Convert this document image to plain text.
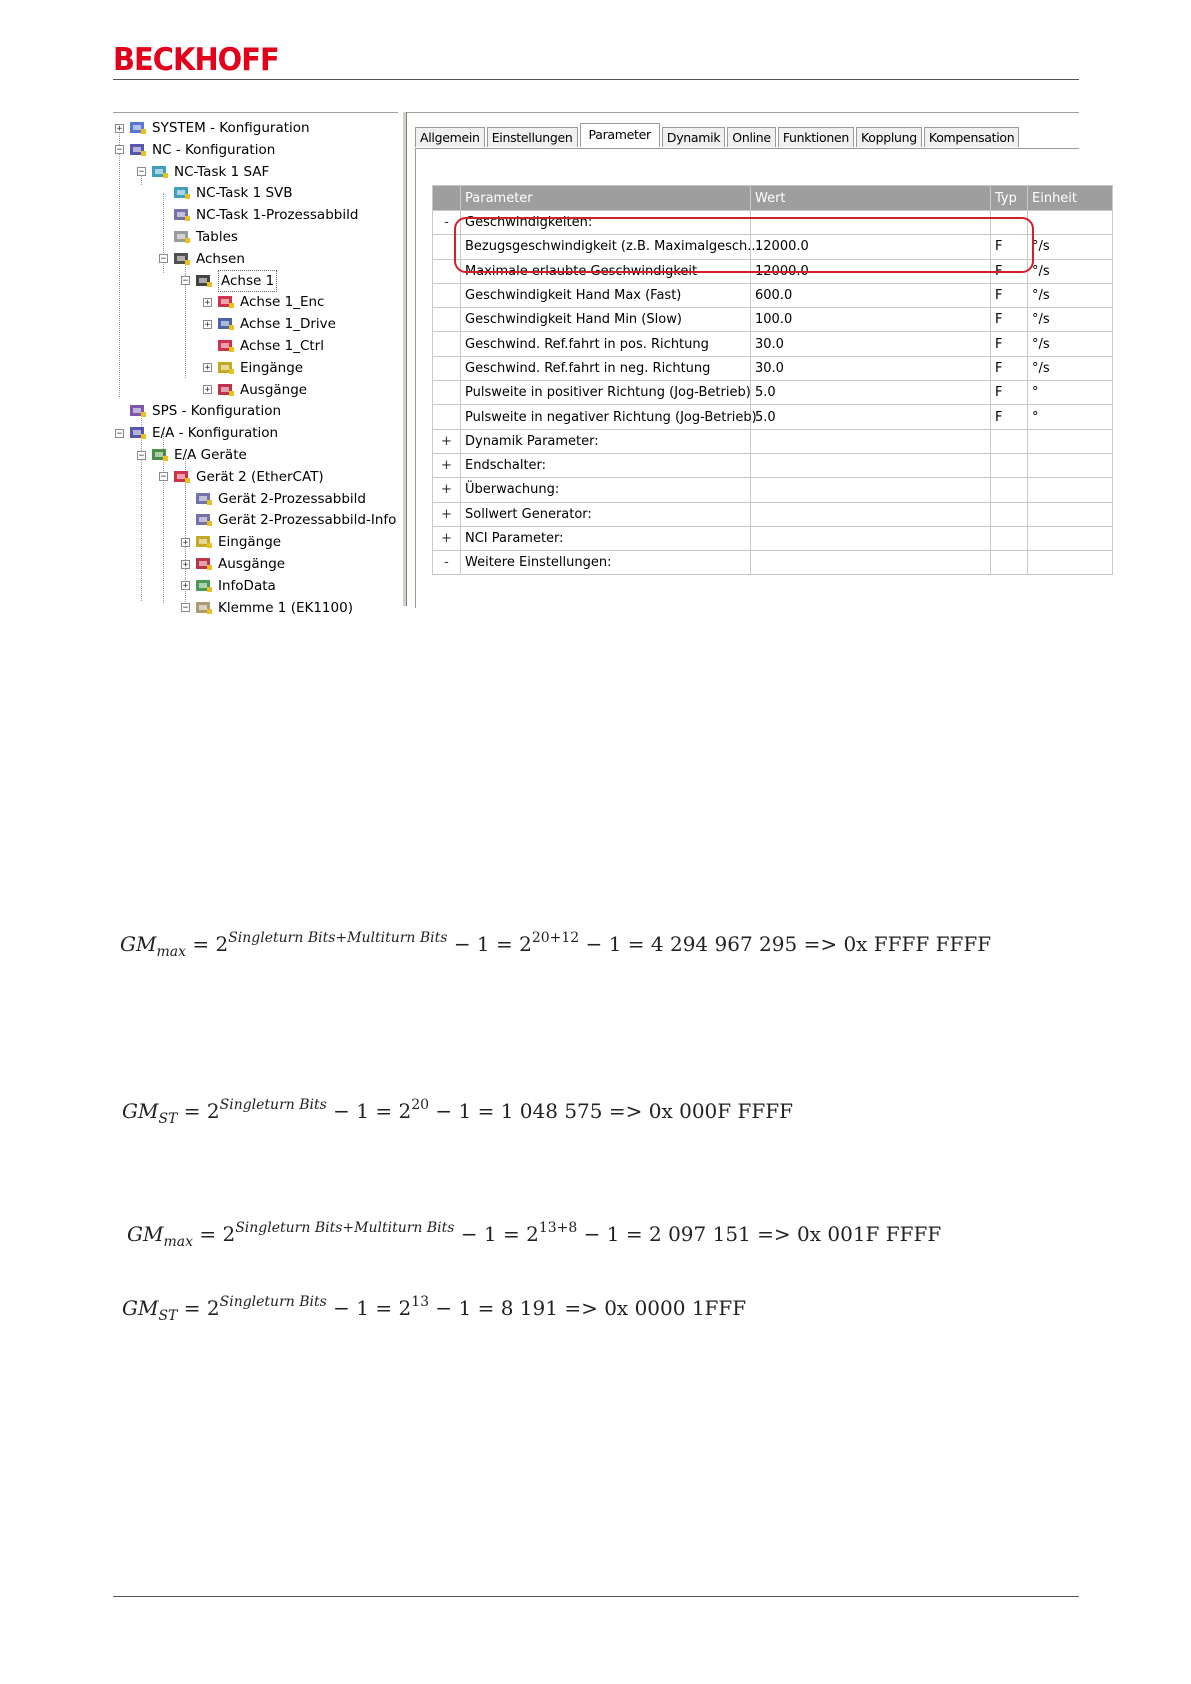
BECKHOFF
+ SYSTEM - Konfiguration
− NC - Konfiguration
− NC-Task 1 SAF
NC-Task 1 SVB
NC-Task 1-Prozessabbild
Tables
− Achsen
− Achse 1
+ Achse 1_Enc
+ Achse 1_Drive
Achse 1_Ctrl
+ Eingänge
+ Ausgänge
SPS - Konfiguration
− E/A - Konfiguration
− E/A Geräte
− Gerät 2 (EtherCAT)
Gerät 2-Prozessabbild
Gerät 2-Prozessabbild-Info
+ Eingänge
+ Ausgänge
+ InfoData
− Klemme 1 (EK1100)
Allgemein Einstellungen	Parameter	Dynamik Online Funktionen Kopplung Kompensation
	Parameter	Wert	Typ	Einheit
-	Geschwindigkeiten:			
	Bezugsgeschwindigkeit (z.B. Maximalgesch...	12000.0	F	°/s
	Maximale erlaubte Geschwindigkeit	12000.0	F	°/s
	Geschwindigkeit Hand Max (Fast)	600.0	F	°/s
	Geschwindigkeit Hand Min (Slow)	100.0	F	°/s
	Geschwind. Ref.fahrt in pos. Richtung	30.0	F	°/s
	Geschwind. Ref.fahrt in neg. Richtung	30.0	F	°/s
	Pulsweite in positiver Richtung (Jog-Betrieb)	5.0	F	°
	Pulsweite in negativer Richtung (Jog-Betrieb)	5.0	F	°
+	Dynamik Parameter:			
+	Endschalter:			
+	Überwachung:			
+	Sollwert Generator:			
+	NCI Parameter:			
-	Weitere Einstellungen:			
$GM_{max} = 2^{Singleturn Bits+Multiturn Bits} - 1 = 2^{20+12} - 1 = 4$ 294 967 295 => 0x FFFF FFFF
$GM_{ST} = 2^{Singleturn Bits} - 1 = 2^{20} - 1 = 1$ 048 575 => 0x 000F FFFF
$GM_{max} = 2^{Singleturn Bits+Multiturn Bits} - 1 = 2^{13+8} - 1 = 2$ 097 151 => 0x 001F FFFF
$GM_{ST} = 2^{Singleturn Bits} - 1 = 2^{13} - 1 = 8$ 191 => 0x 0000 1FFF
